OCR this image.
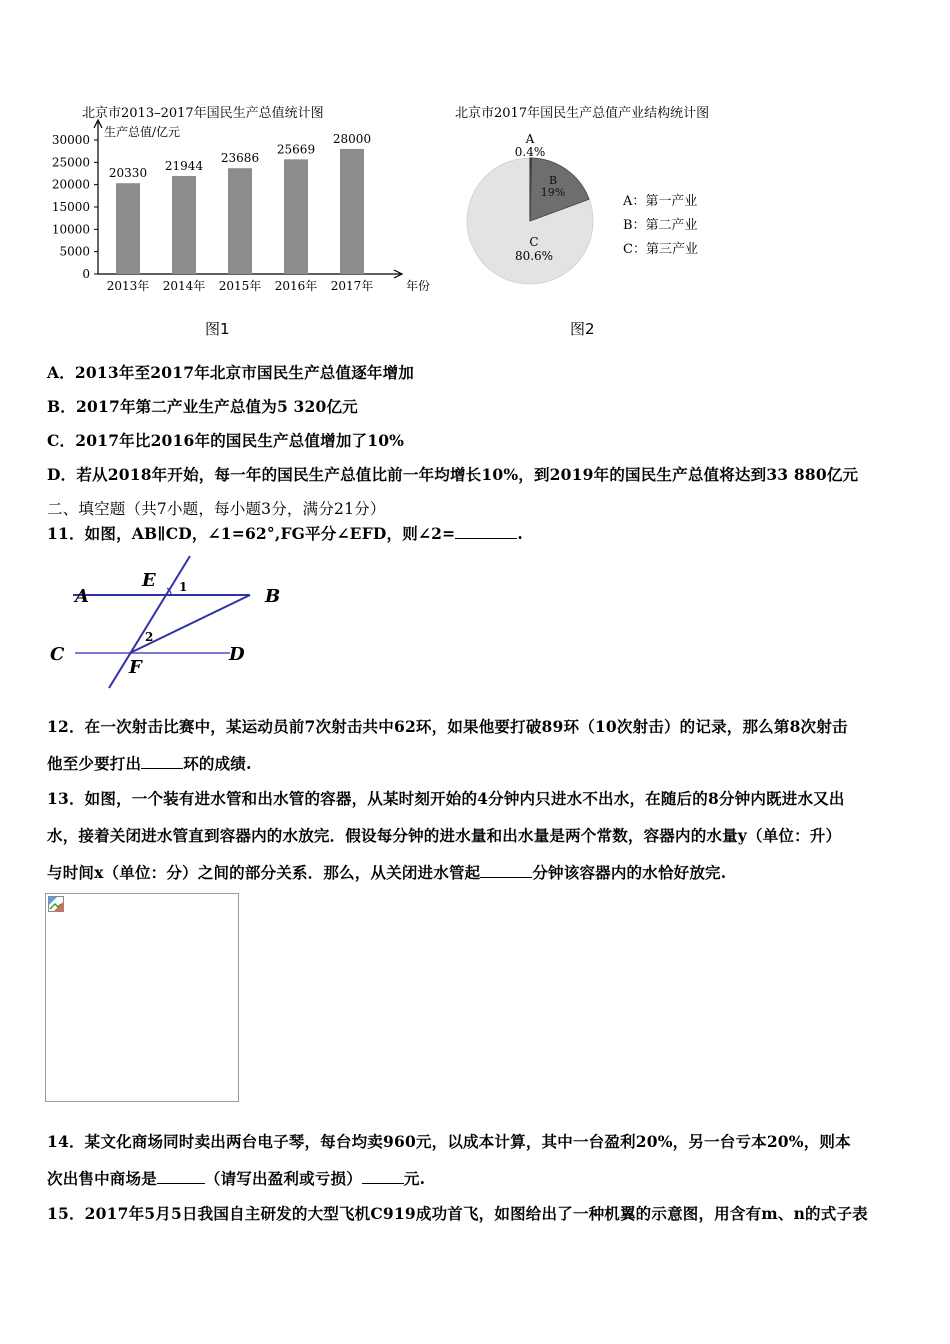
北京市2013–2017年国民生产总值统计图
0
5000
10000
15000
20000
25000
30000
生产总值/亿元
20330
2013年
21944
2014年
23686
2015年
25669
2016年
28000
2017年	年份
图1
北京市2017年国民生产总值产业结构统计图
A
0.4%
B
19%
C
80.6%
A：第一产业
B：第二产业
C：第三产业
图2
A．2013年至2017年北京市国民生产总值逐年增加
B．2017年第二产业生产总值为5 320亿元
C．2017年比2016年的国民生产总值增加了10%
D．若从2018年开始，每一年的国民生产总值比前一年均增长10%，到2019年的国民生产总值将达到33 880亿元
二、填空题（共7小题，每小题3分，满分21分）
11．如图，AB∥CD，∠1=62°,FG平分∠EFD，则∠2=	.
A	B
C	D
E
F
1
2
12．在一次射击比赛中，某运动员前7次射击共中62环，如果他要打破89环（10次射击）的记录，那么第8次射击
他至少要打出	环的成绩.
13．如图，一个装有进水管和出水管的容器，从某时刻开始的4分钟内只进水不出水，在随后的8分钟内既进水又出
水，接着关闭进水管直到容器内的水放完．假设每分钟的进水量和出水量是两个常数，容器内的水量y（单位：升）
与时间x（单位：分）之间的部分关系．那么，从关闭进水管起	分钟该容器内的水恰好放完.
14．某文化商场同时卖出两台电子琴，每台均卖960元，以成本计算，其中一台盈利20%，另一台亏本20%，则本
次出售中商场是	（请写出盈利或亏损）	元.
15．2017年5月5日我国自主研发的大型飞机C919成功首飞，如图给出了一种机翼的示意图，用含有m、n的式子表
